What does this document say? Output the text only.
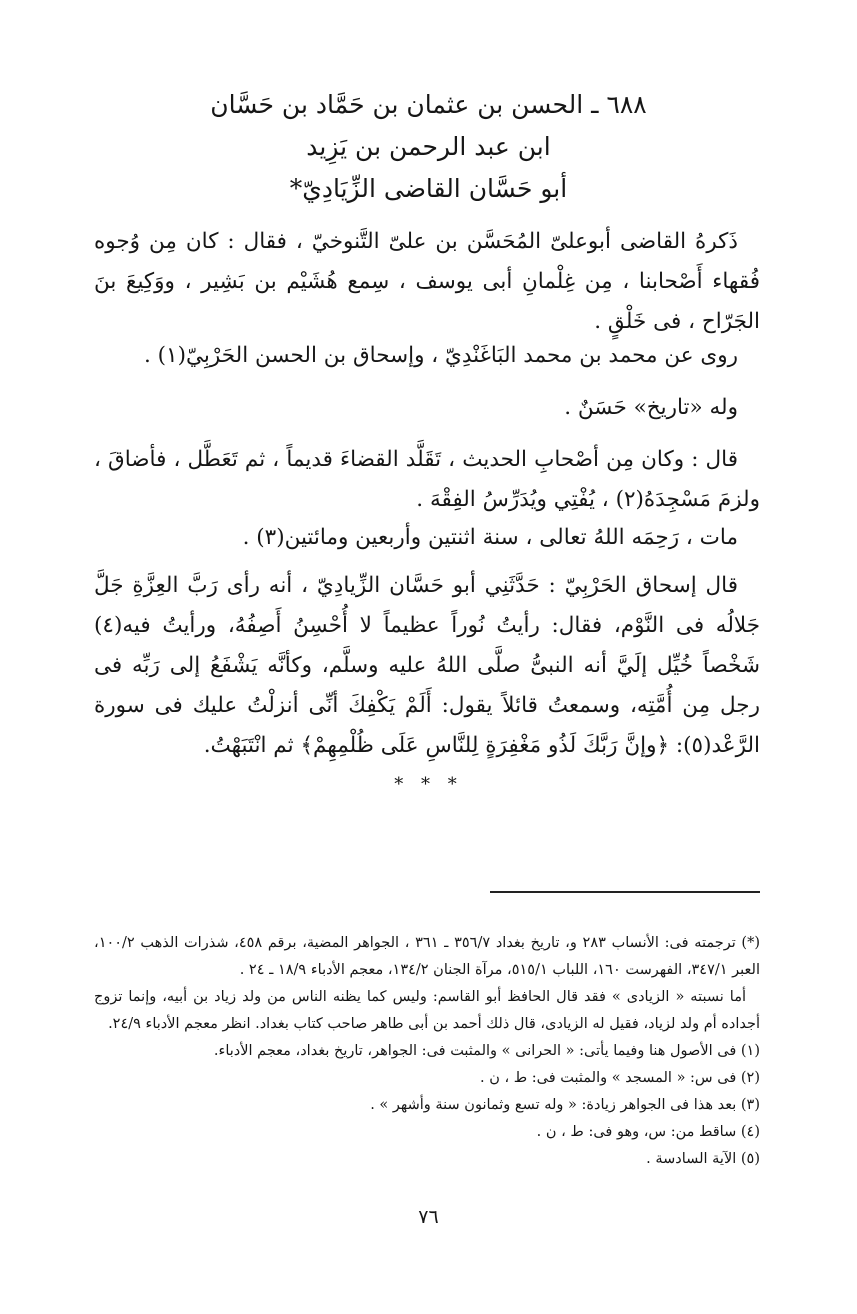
٦٨٨ ـ الحسن بن عثمان بن حَمَّاد بن حَسَّان
ابن عبد الرحمن بن يَزِيد
أبو حَسَّان القاضى الزِّيَادِيّ*

ذَكرهُ القاضى أبوعلىّ المُحَسَّن بن علىّ التَّنوخيّ ، فقال : كان مِن وُجوه فُقهاء أَصْحابنا ، مِن غِلْمانِ أبى يوسف ، سِمع هُشَيْم بن بَشِير ، ووَكِيعَ بنَ الجَرّاح ، فى خَلْقٍ .

روى عن محمد بن محمد البَاغَنْدِيّ ، وإسحاق بن الحسن الحَرْبِيّ(١) .

وله «تاريخ» حَسَنٌ .

قال : وكان مِن أصْحابِ الحديث ، تَقَلَّد القضاءَ قديماً ، ثم تَعَطَّل ، فأضاقَ ، ولزمَ مَسْجِدَهُ(٢) ، يُفْتِي ويُدَرِّسُ الفِقْهَ .

مات ، رَحِمَه اللهُ تعالى ، سنة اثنتين وأربعين ومائتين(٣) .

قال إسحاق الحَرْبِيّ : حَدَّثَنِي أبو حَسَّان الزِّيادِيّ ، أنه رأى رَبَّ العِزَّةِ جَلَّ جَلالُه فى النَّوْم، فقال: رأيتُ نُوراً عظيماً لا أُحْسِنُ أَصِفُهُ، ورأيتُ فيه(٤) شَخْصاً خُيِّل إلَيَّ أنه النبىُّ صلَّى اللهُ عليه وسلَّم، وكأنَّه يَشْفَعُ إلى رَبِّه فى رجل مِن أُمَّتِه، وسمعتُ قائلاً يقول: أَلَمْ يَكْفِكَ أنِّى أنزلْتُ عليك فى سورة الرَّعْد(٥): ﴿وإنَّ رَبَّكَ لَذُو مَغْفِرَةٍ لِلنَّاسِ عَلَى ظُلْمِهِمْ﴾ ثم انْتَبَهْتُ.

* * *

(*) ترجمته فى: الأنساب ٢٨٣ و، تاريخ بغداد ٣٥٦/٧ ـ ٣٦١ ، الجواهر المضية، برقم ٤٥٨، شذرات الذهب ١٠٠/٢، العبر ٣٤٧/١، الفهرست ١٦٠، اللباب ٥١٥/١، مرآة الجنان ١٣٤/٢، معجم الأدباء ١٨/٩ ـ ٢٤ .

أما نسبته « الزيادى » فقد قال الحافظ أبو القاسم: وليس كما يظنه الناس من ولد زياد بن أبيه، وإنما تزوج أجداده أم ولد لزياد، فقيل له الزيادى، قال ذلك أحمد بن أبى طاهر صاحب كتاب بغداد. انظر معجم الأدباء ٢٤/٩.

(١) فى الأصول هنا وفيما يأتى: « الحرانى » والمثبت فى: الجواهر، تاريخ بغداد، معجم الأدباء.

(٢) فى س: « المسجد » والمثبت فى: ط ، ن .

(٣) بعد هذا فى الجواهر زيادة: « وله تسع وثمانون سنة وأشهر » .

(٤) ساقط من: س، وهو فى: ط ، ن .

(٥) الآية السادسة .

٧٦
